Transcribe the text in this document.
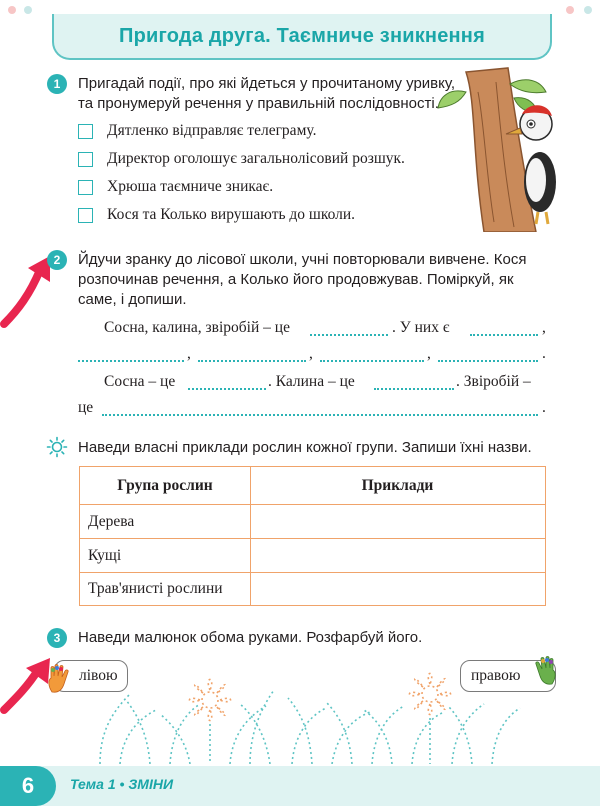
Пригода друга. Таємниче зникнення
1	Пригадай події, про які йдеться у прочитаному уривку,
та пронумеруй речення у правильній послідовності.
Дятленко відправляє телеграму.
Директор оголошує загальнолісовий розшук.
Хрюша таємниче зникає.
Кося та Колько вирушають до школи.
2	Йдучи зранку до лісової школи, учні повторювали вивчене. Кося
розпочинав речення, а Колько його продовжував. Поміркуй, як
саме, і допиши.
Сосна, калина, звіробій – це	. У них є	,
,	,	,	.
Сосна – це	. Калина – це	. Звіробій –
це	.
Наведи власні приклади рослин кожної групи. Запиши їхні назви.
Група рослин	Приклади
Дерева
Кущі
Трав'янисті рослини
3	Наведи малюнок обома руками. Розфарбуй його.
лівою	правою
6	Тема 1 • ЗМІНИ
